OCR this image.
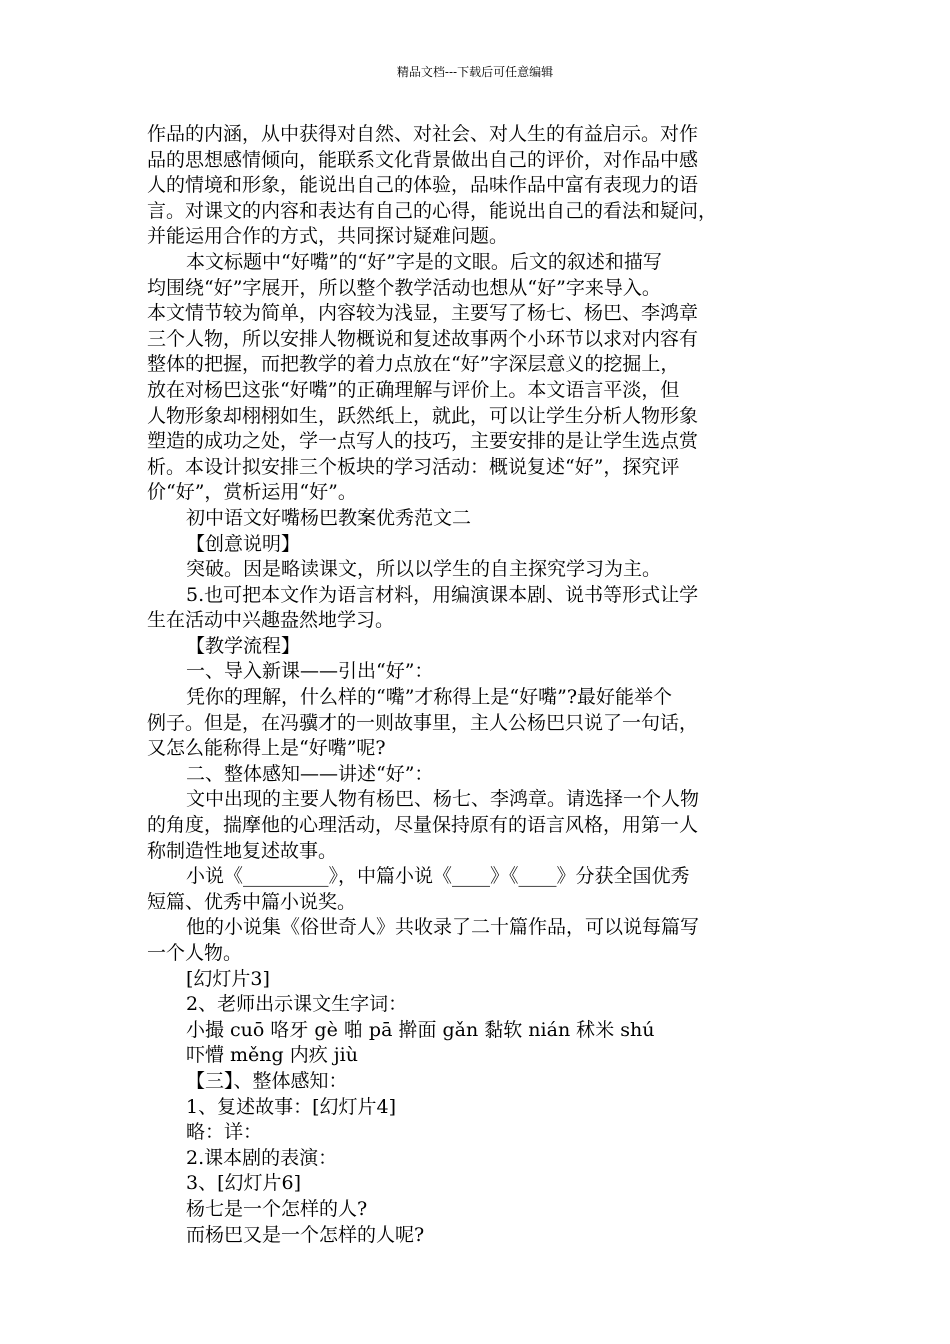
精品文档---下载后可任意编辑
作品的内涵，从中获得对自然、对社会、对人生的有益启示。对作
品的思想感情倾向，能联系文化背景做出自己的评价，对作品中感
人的情境和形象，能说出自己的体验，品味作品中富有表现力的语
言。对课文的内容和表达有自己的心得，能说出自己的看法和疑问，
并能运用合作的方式，共同探讨疑难问题。
本文标题中“好嘴”的“好”字是的文眼。后文的叙述和描写
均围绕“好”字展开，所以整个教学活动也想从“好”字来导入。
本文情节较为简单，内容较为浅显，主要写了杨七、杨巴、李鸿章
三个人物，所以安排人物概说和复述故事两个小环节以求对内容有
整体的把握，而把教学的着力点放在“好”字深层意义的挖掘上，
放在对杨巴这张“好嘴”的正确理解与评价上。本文语言平淡，但
人物形象却栩栩如生，跃然纸上，就此，可以让学生分析人物形象
塑造的成功之处，学一点写人的技巧，主要安排的是让学生选点赏
析。本设计拟安排三个板块的学习活动：概说复述“好”，探究评
价“好”，赏析运用“好”。
初中语文好嘴杨巴教案优秀范文二
【创意说明】
突破。因是略读课文，所以以学生的自主探究学习为主。
5.也可把本文作为语言材料，用编演课本剧、说书等形式让学
生在活动中兴趣盎然地学习。
【教学流程】
一、导入新课——引出“好”：
凭你的理解，什么样的“嘴”才称得上是“好嘴”?最好能举个
例子。但是，在冯骥才的一则故事里，主人公杨巴只说了一句话，
又怎么能称得上是“好嘴”呢?
二、整体感知——讲述“好”：
文中出现的主要人物有杨巴、杨七、李鸿章。请选择一个人物
的角度，揣摩他的心理活动，尽量保持原有的语言风格，用第一人
称制造性地复述故事。
小说《_________》，中篇小说《____》《____》分获全国优秀
短篇、优秀中篇小说奖。
他的小说集《俗世奇人》共收录了二十篇作品，可以说每篇写
一个人物。
[幻灯片3]
2、老师出示课文生字词：
小撮 cuō 咯牙 gè 啪 pā 擀面 gǎn 黏软 nián 秫米 shú
吓懵 měng 内疚 jiù
【三】、整体感知：
1、复述故事：[幻灯片4]
略：详：
2.课本剧的表演：
3、[幻灯片6]
杨七是一个怎样的人?
而杨巴又是一个怎样的人呢?
